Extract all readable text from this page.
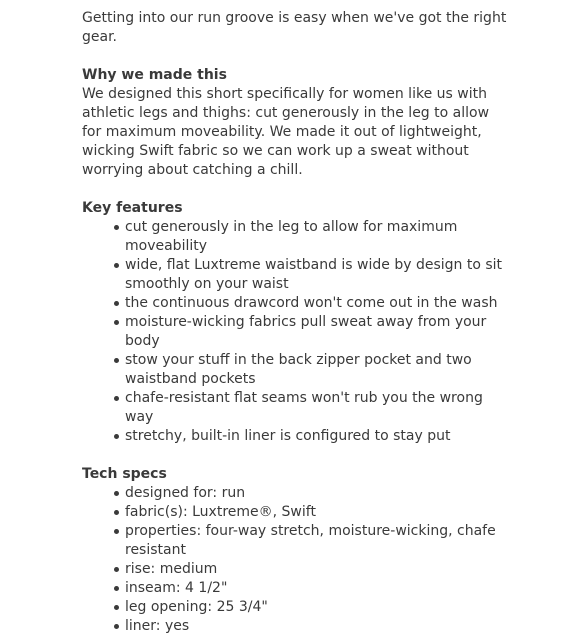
Getting into our run groove is easy when we've got the right gear.

Why we made this

We designed this short specifically for women like us with athletic legs and thighs: cut generously in the leg to allow for maximum moveability. We made it out of lightweight, wicking Swift fabric so we can work up a sweat without worrying about catching a chill.

Key features

cut generously in the leg to allow for maximum moveability
wide, flat Luxtreme waistband is wide by design to sit smoothly on your waist
the continuous drawcord won't come out in the wash
moisture-wicking fabrics pull sweat away from your body
stow your stuff in the back zipper pocket and two waistband pockets
chafe-resistant flat seams won't rub you the wrong way
stretchy, built-in liner is configured to stay put

Tech specs

designed for: run
fabric(s): Luxtreme®, Swift
properties: four-way stretch, moisture-wicking, chafe resistant
rise: medium
inseam: 4 1/2"
leg opening: 25 3/4"
liner: yes
